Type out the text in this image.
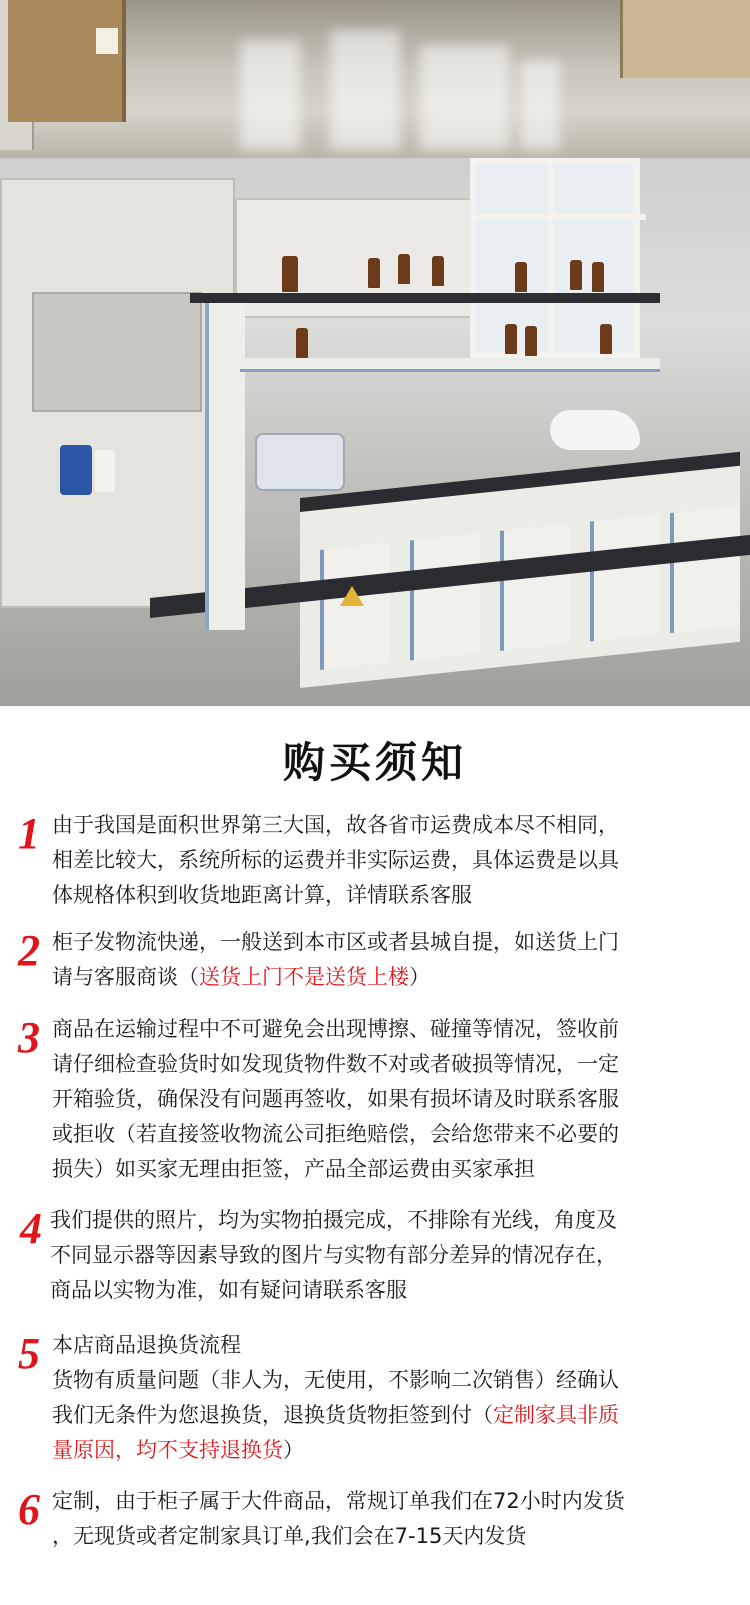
购买须知
1 由于我国是面积世界第三大国，故各省市运费成本尽不相同，

相差比较大，系统所标的运费并非实际运费，具体运费是以具

体规格体积到收货地距离计算，详情联系客服

2 柜子发物流快递，一般送到本市区或者县城自提，如送货上门

请与客服商谈（送货上门不是送货上楼）

3 商品在运输过程中不可避免会出现博擦、碰撞等情况，签收前

请仔细检查验货时如发现货物件数不对或者破损等情况，一定

开箱验货，确保没有问题再签收，如果有损坏请及时联系客服

或拒收（若直接签收物流公司拒绝赔偿，会给您带来不必要的

损失）如买家无理由拒签，产品全部运费由买家承担

4 我们提供的照片，均为实物拍摄完成，不排除有光线，角度及

不同显示器等因素导致的图片与实物有部分差异的情况存在，

商品以实物为准，如有疑问请联系客服

5 本店商品退换货流程

货物有质量问题（非人为，无使用，不影响二次销售）经确认

我们无条件为您退换货，退换货货物拒签到付（定制家具非质

量原因，均不支持退换货）

6 定制，由于柜子属于大件商品，常规订单我们在72小时内发货

，无现货或者定制家具订单,我们会在7-15天内发货
